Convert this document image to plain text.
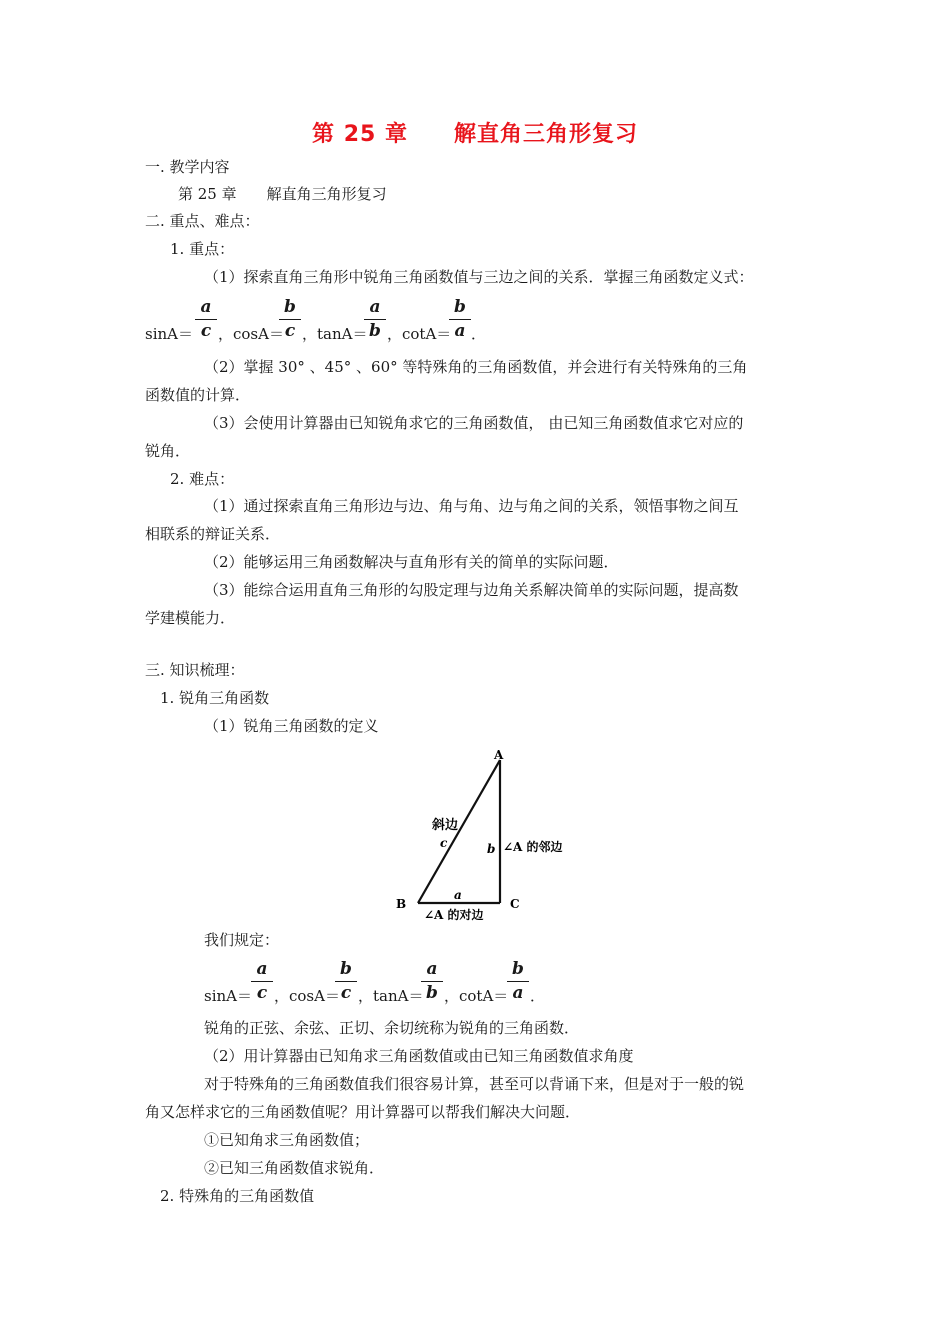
第 25 章　　解直角三角形复习
一. 教学内容
第 25 章　　解直角三角形复习
二. 重点、难点：
1. 重点：
（1）探索直角三角形中锐角三角函数值与三边之间的关系．掌握三角函数定义式：
sinA＝
a
c ，cosA＝
b
c ，tanA＝
a
b ，cotA＝
b
a ．
（2）掌握 30° 、45° 、60° 等特殊角的三角函数值，并会进行有关特殊角的三角
函数值的计算．
（3）会使用计算器由已知锐角求它的三角函数值， 由已知三角函数值求它对应的
锐角．
2. 难点：
（1）通过探索直角三角形边与边、角与角、边与角之间的关系，领悟事物之间互
相联系的辩证关系．
（2）能够运用三角函数解决与直角形有关的简单的实际问题．
（3）能综合运用直角三角形的勾股定理与边角关系解决简单的实际问题，提高数
学建模能力．
三. 知识梳理：
1. 锐角三角函数
（1）锐角三角函数的定义
A
B	C
斜边
c	b ∠A 的邻边
a
∠A 的对边
我们规定：
sinA＝
a
c ，cosA＝
b
c ，tanA＝
a
b ，cotA＝
b
a ．
锐角的正弦、余弦、正切、余切统称为锐角的三角函数．
（2）用计算器由已知角求三角函数值或由已知三角函数值求角度
对于特殊角的三角函数值我们很容易计算，甚至可以背诵下来，但是对于一般的锐
角又怎样求它的三角函数值呢？用计算器可以帮我们解决大问题．
①已知角求三角函数值；
②已知三角函数值求锐角．
2. 特殊角的三角函数值
